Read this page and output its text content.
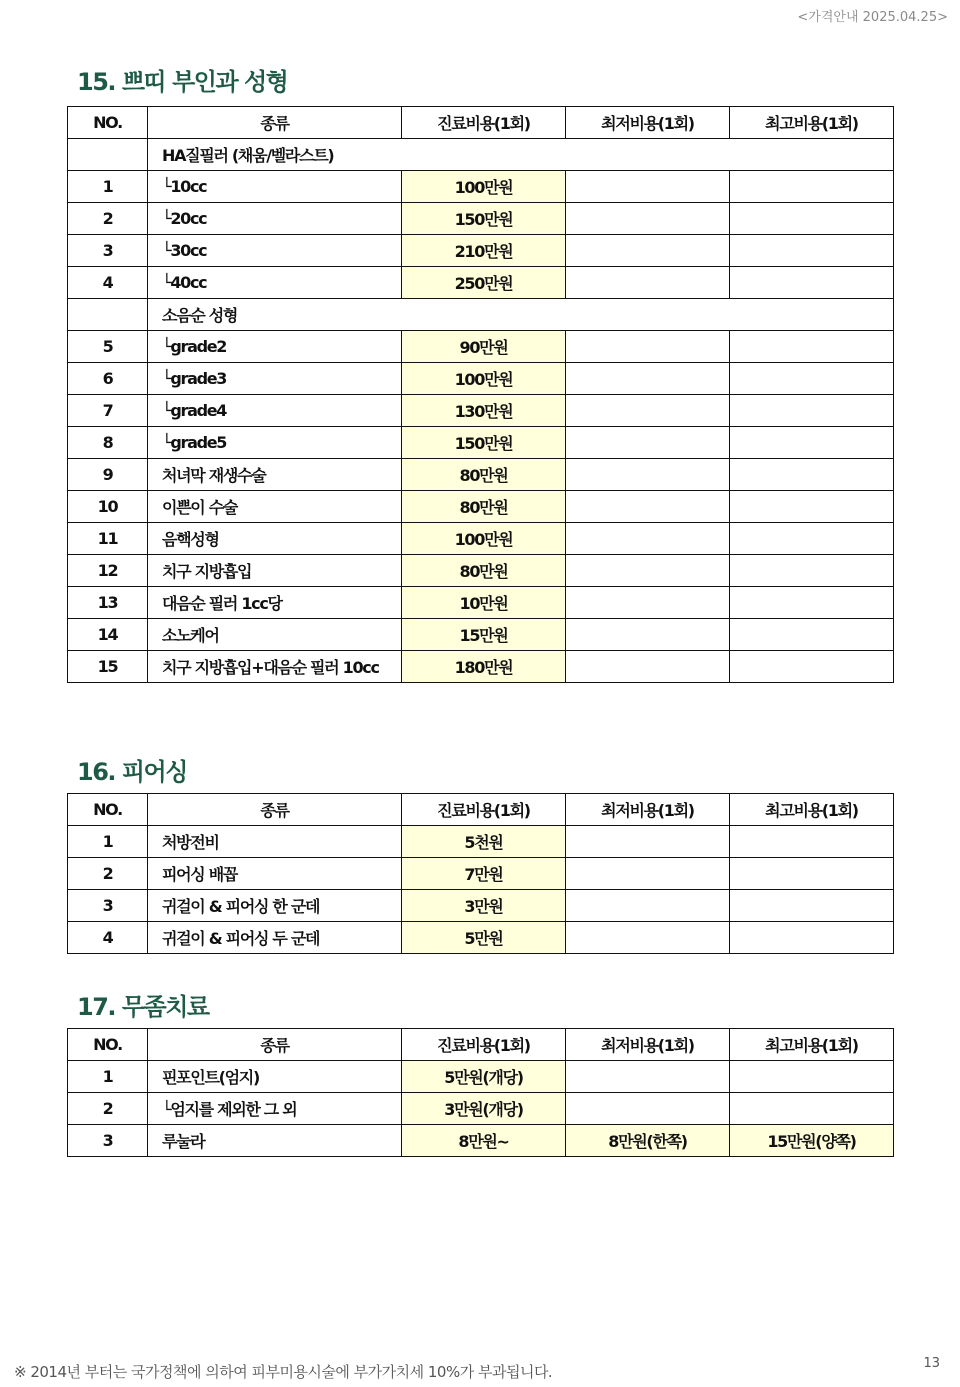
<가격안내 2025.04.25>
15. 쁘띠 부인과 성형
NO.	종류	진료비용(1회)	최저비용(1회)	최고비용(1회)
	HA질필러 (채움/벨라스트)			
1	└10cc	100만원		
2	└20cc	150만원		
3	└30cc	210만원		
4	└40cc	250만원		
	소음순 성형			
5	└grade2	90만원		
6	└grade3	100만원		
7	└grade4	130만원		
8	└grade5	150만원		
9	처녀막 재생수술	80만원		
10	이쁜이 수술	80만원		
11	음핵성형	100만원		
12	치구 지방흡입	80만원		
13	대음순 필러 1cc당	10만원		
14	소노케어	15만원		
15	치구 지방흡입+대음순 필러 10cc	180만원		
16. 피어싱
NO.	종류	진료비용(1회)	최저비용(1회)	최고비용(1회)
1	처방전비	5천원		
2	피어싱 배꼽	7만원		
3	귀걸이 & 피어싱 한 군데	3만원		
4	귀걸이 & 피어싱 두 군데	5만원		
17. 무좀치료
NO.	종류	진료비용(1회)	최저비용(1회)	최고비용(1회)
1	핀포인트(엄지)	5만원(개당)		
2	└엄지를 제외한 그 외	3만원(개당)		
3	루눌라	8만원~	8만원(한쪽)	15만원(양쪽)
※ 2014년 부터는 국가정책에 의하여 피부미용시술에 부가가치세 10%가 부과됩니다.	13
